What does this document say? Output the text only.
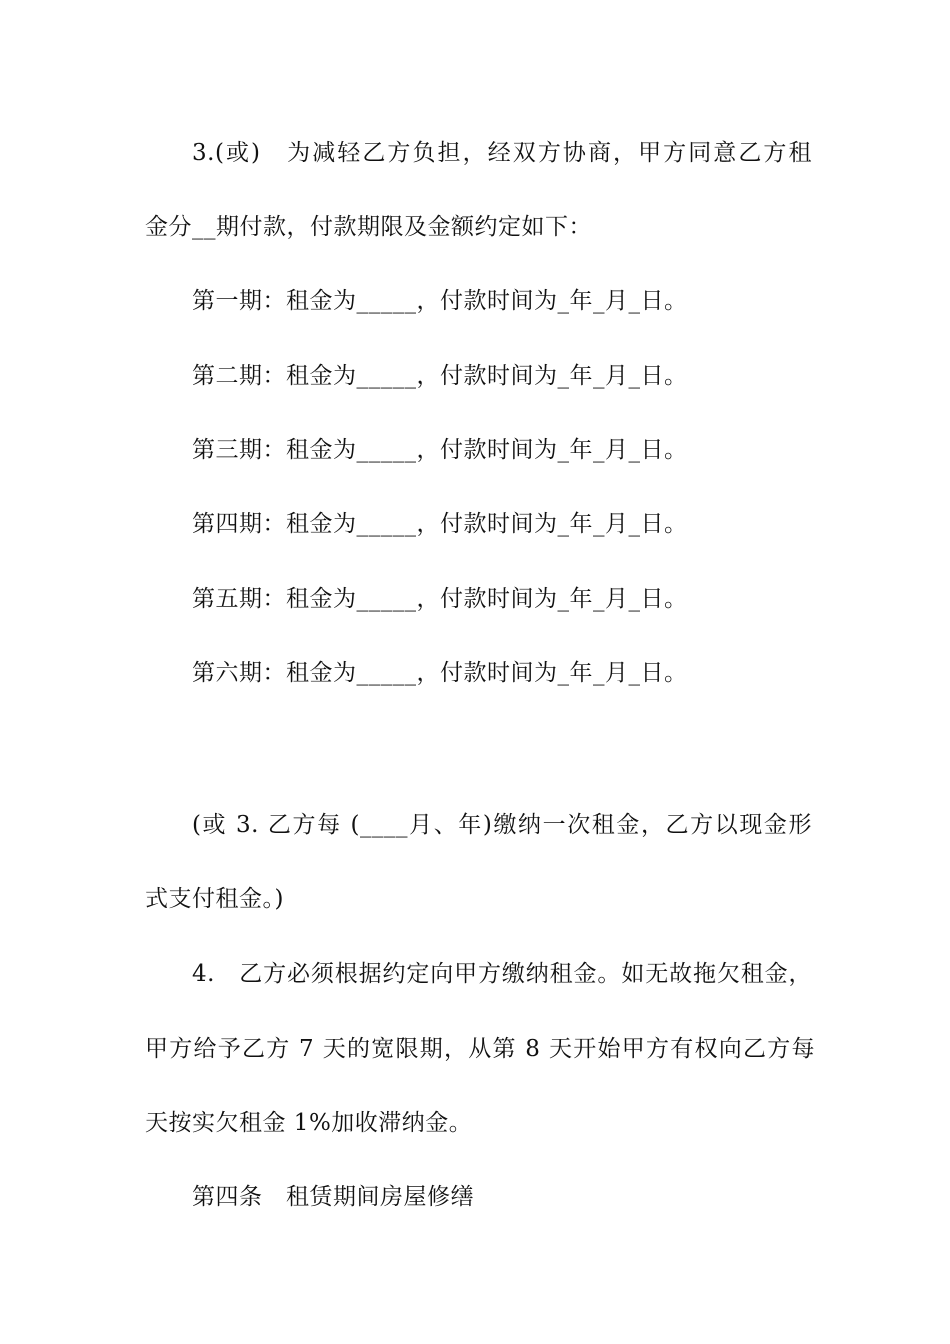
3.(或)　为减轻乙方负担，经双方协商，甲方同意乙方租
金分__期付款，付款期限及金额约定如下：
第一期：租金为_____，付款时间为_年_月_日。
第二期：租金为_____，付款时间为_年_月_日。
第三期：租金为_____，付款时间为_年_月_日。
第四期：租金为_____，付款时间为_年_月_日。
第五期：租金为_____，付款时间为_年_月_日。
第六期：租金为_____，付款时间为_年_月_日。
(或 3. 乙方每 (____月、年)缴纳一次租金，乙方以现金形
式支付租金。)
4.　乙方必须根据约定向甲方缴纳租金。如无故拖欠租金，
甲方给予乙方 7 天的宽限期，从第 8 天开始甲方有权向乙方每
天按实欠租金 1%加收滞纳金。
第四条　租赁期间房屋修缮
